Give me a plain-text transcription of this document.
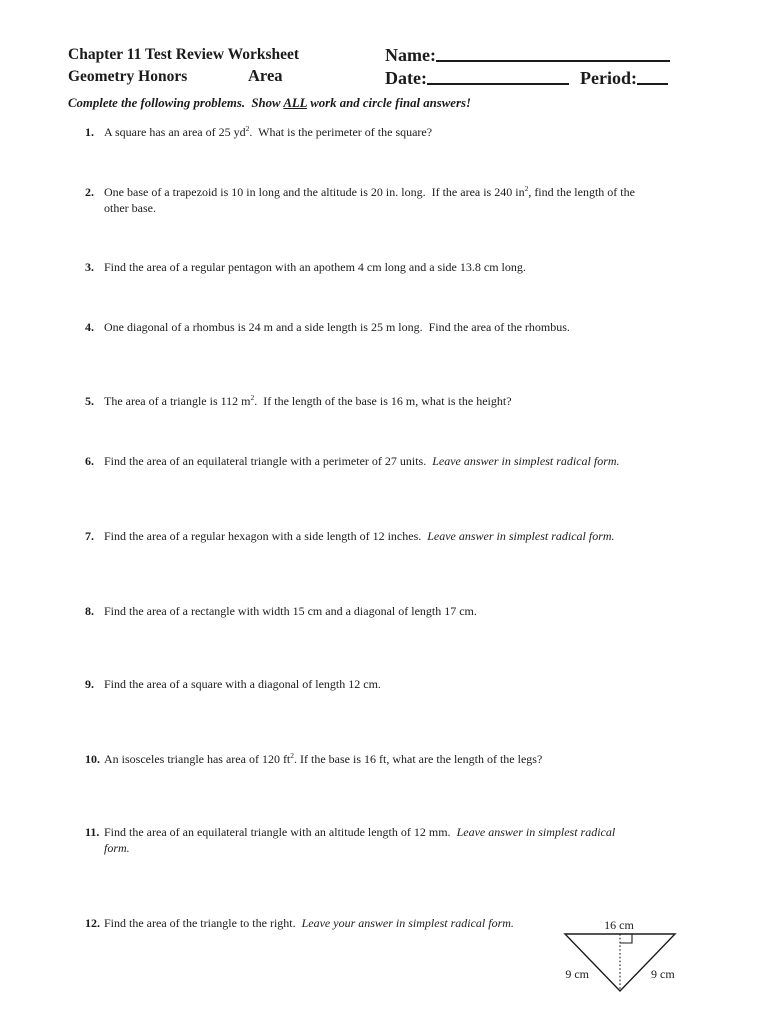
Chapter 11 Test Review Worksheet
Geometry Honors	Area
Name:
Date:	Period:
Complete the following problems.  Show ALL work and circle final answers!
1. A square has an area of 25 $yd^2$.  What is the perimeter of the square?
2. One base of a trapezoid is 10 in long and the altitude is 20 in. long.  If the area is 240 $in^2$, find the length of the
other base.
3. Find the area of a regular pentagon with an apothem 4 cm long and a side 13.8 cm long.
4. One diagonal of a rhombus is 24 m and a side length is 25 m long.  Find the area of the rhombus.
5. The area of a triangle is 112 $m^2$.  If the length of the base is 16 m, what is the height?
6. Find the area of an equilateral triangle with a perimeter of 27 units.  Leave answer in simplest radical form.
7. Find the area of a regular hexagon with a side length of 12 inches.  Leave answer in simplest radical form.
8. Find the area of a rectangle with width 15 cm and a diagonal of length 17 cm.
9. Find the area of a square with a diagonal of length 12 cm.
10. An isosceles triangle has area of 120 $ft^2$. If the base is 16 ft, what are the length of the legs?
11. Find the area of an equilateral triangle with an altitude length of 12 mm.  Leave answer in simplest radical
form.
12. Find the area of the triangle to the right.  Leave your answer in simplest radical form.	16 cm
9 cm	9 cm
